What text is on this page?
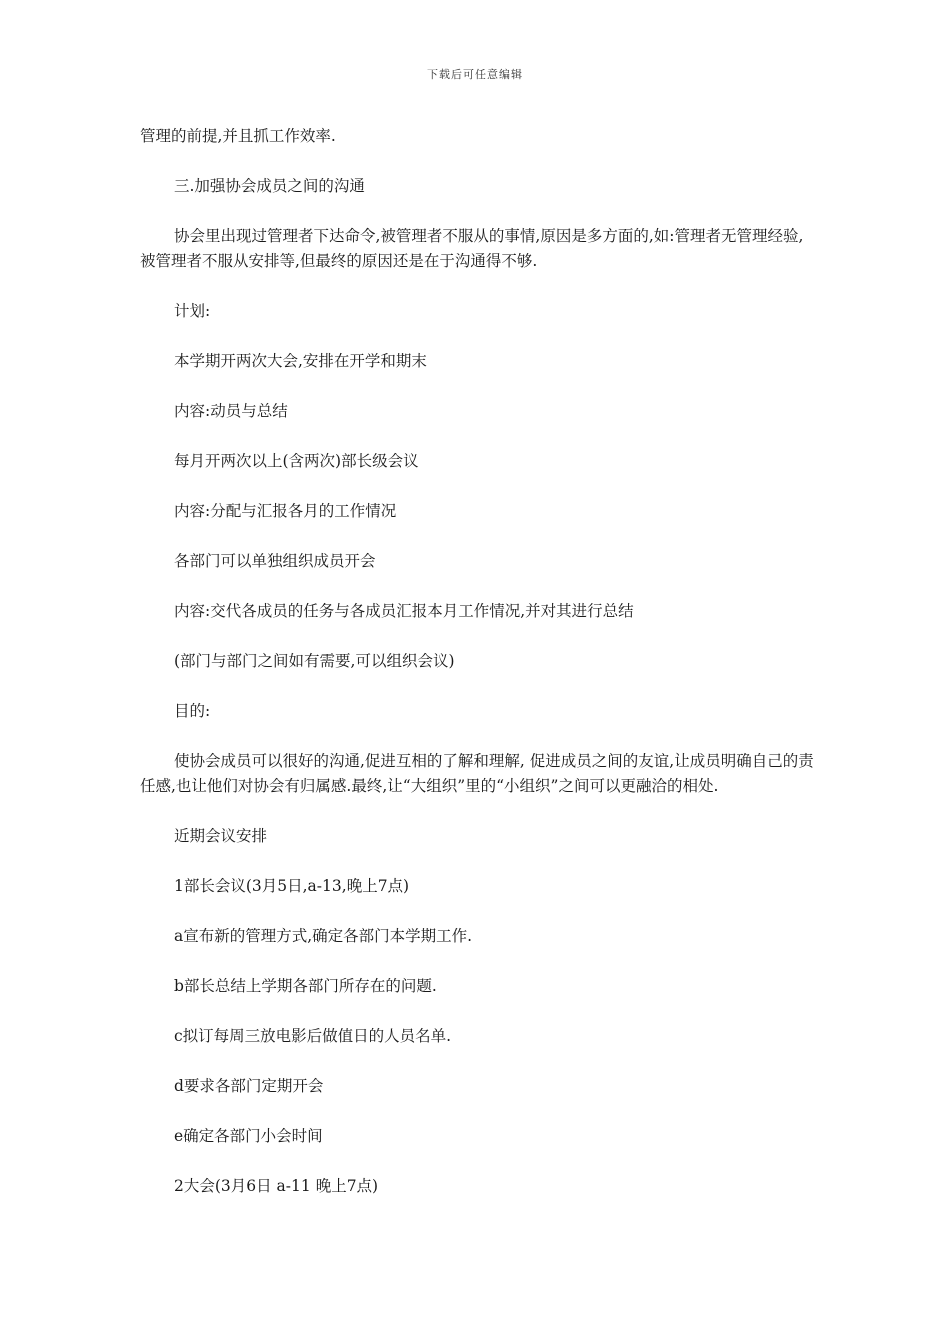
下载后可任意编辑

管理的前提,并且抓工作效率.

三.加强协会成员之间的沟通

协会里出现过管理者下达命令,被管理者不服从的事情,原因是多方面的,如:管理者无管理经验,被管理者不服从安排等,但最终的原因还是在于沟通得不够.

计划:

本学期开两次大会,安排在开学和期末

内容:动员与总结

每月开两次以上(含两次)部长级会议

内容:分配与汇报各月的工作情况

各部门可以单独组织成员开会

内容:交代各成员的任务与各成员汇报本月工作情况,并对其进行总结

(部门与部门之间如有需要,可以组织会议)

目的:

使协会成员可以很好的沟通,促进互相的了解和理解, 促进成员之间的友谊,让成员明确自己的责任感,也让他们对协会有归属感.最终,让“大组织”里的“小组织”之间可以更融洽的相处.

近期会议安排

1部长会议(3月5日,a-13,晚上7点)

a宣布新的管理方式,确定各部门本学期工作.

b部长总结上学期各部门所存在的问题.

c拟订每周三放电影后做值日的人员名单.

d要求各部门定期开会

e确定各部门小会时间

2大会(3月6日 a-11 晚上7点)
